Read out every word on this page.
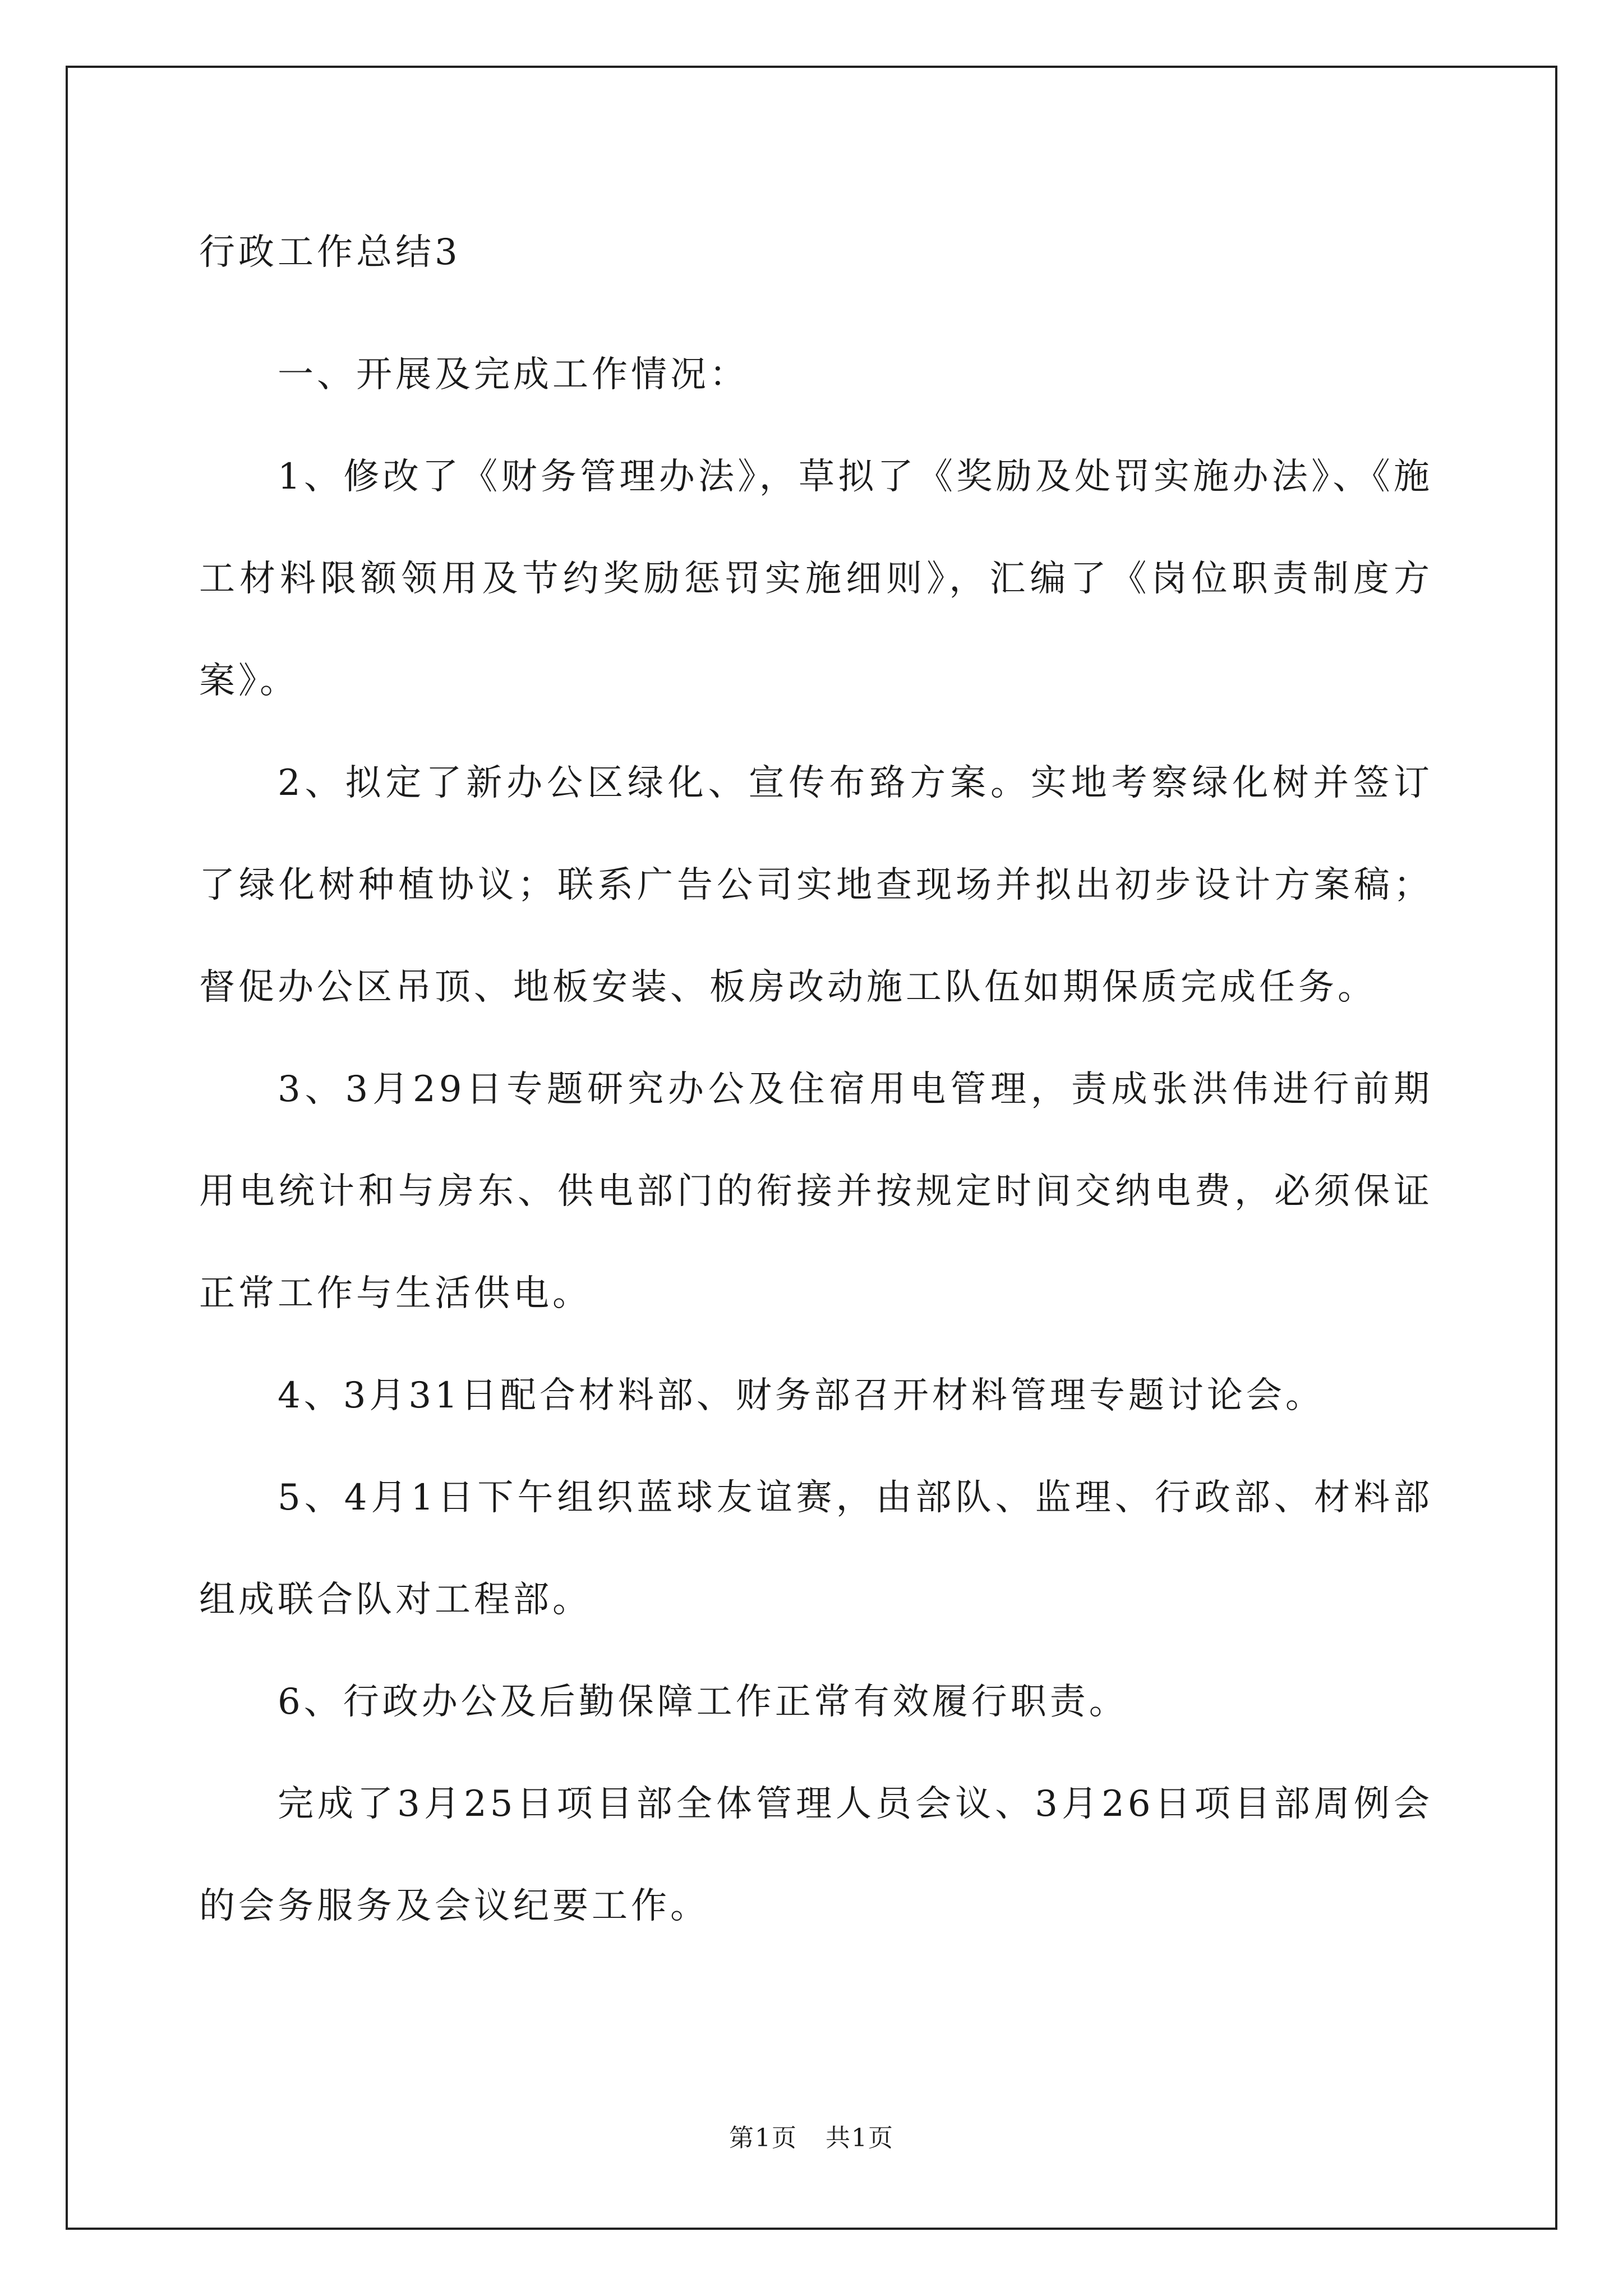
行政工作总结3

一、开展及完成工作情况：

1、修改了《财务管理办法》，草拟了《奖励及处罚实施办法》、《施工材料限额领用及节约奖励惩罚实施细则》，汇编了《岗位职责制度方案》。

2、拟定了新办公区绿化、宣传布臵方案。实地考察绿化树并签订了绿化树种植协议；联系广告公司实地查现场并拟出初步设计方案稿；督促办公区吊顶、地板安装、板房改动施工队伍如期保质完成任务。

3、3月29日专题研究办公及住宿用电管理，责成张洪伟进行前期用电统计和与房东、供电部门的衔接并按规定时间交纳电费，必须保证正常工作与生活供电。

4、3月31日配合材料部、财务部召开材料管理专题讨论会。

5、4月1日下午组织蓝球友谊赛，由部队、监理、行政部、材料部组成联合队对工程部。

6、行政办公及后勤保障工作正常有效履行职责。

完成了3月25日项目部全体管理人员会议、3月26日项目部周例会的会务服务及会议纪要工作。

第1页 共1页
